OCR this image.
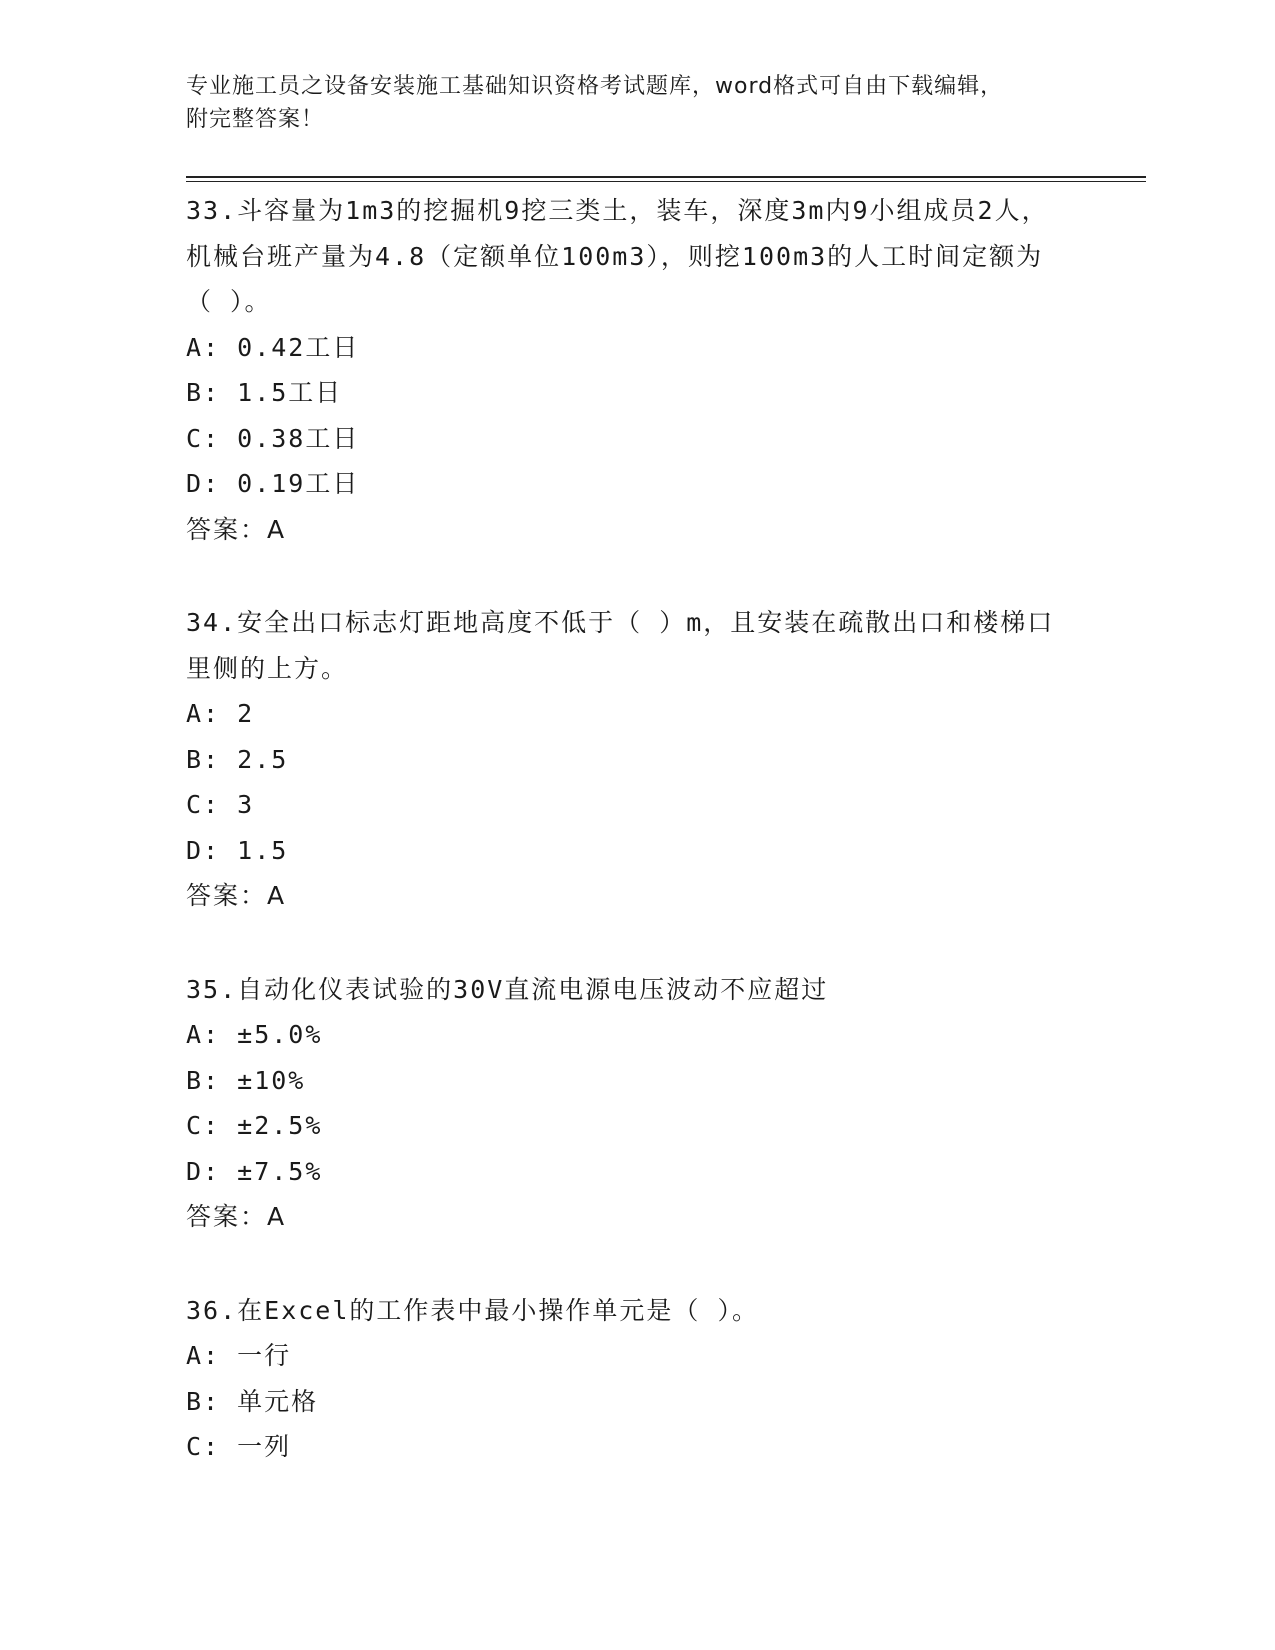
专业施工员之设备安装施工基础知识资格考试题库，word格式可自由下载编辑，
附完整答案！

33.斗容量为1m3的挖掘机9挖三类土，装车，深度3m内9小组成员2人，机械台班产量为4.8（定额单位100m3），则挖100m3的人工时间定额为（ ）。

A: 0.42工日

B: 1.5工日

C: 0.38工日

D: 0.19工日

答案：A

34.安全出口标志灯距地高度不低于（ ）m，且安装在疏散出口和楼梯口里侧的上方。

A: 2

B: 2.5

C: 3

D: 1.5

答案：A

35.自动化仪表试验的30V直流电源电压波动不应超过

A: ±5.0%

B: ±10%

C: ±2.5%

D: ±7.5%

答案：A

36.在Excel的工作表中最小操作单元是（ ）。

A: 一行

B: 单元格

C: 一列
